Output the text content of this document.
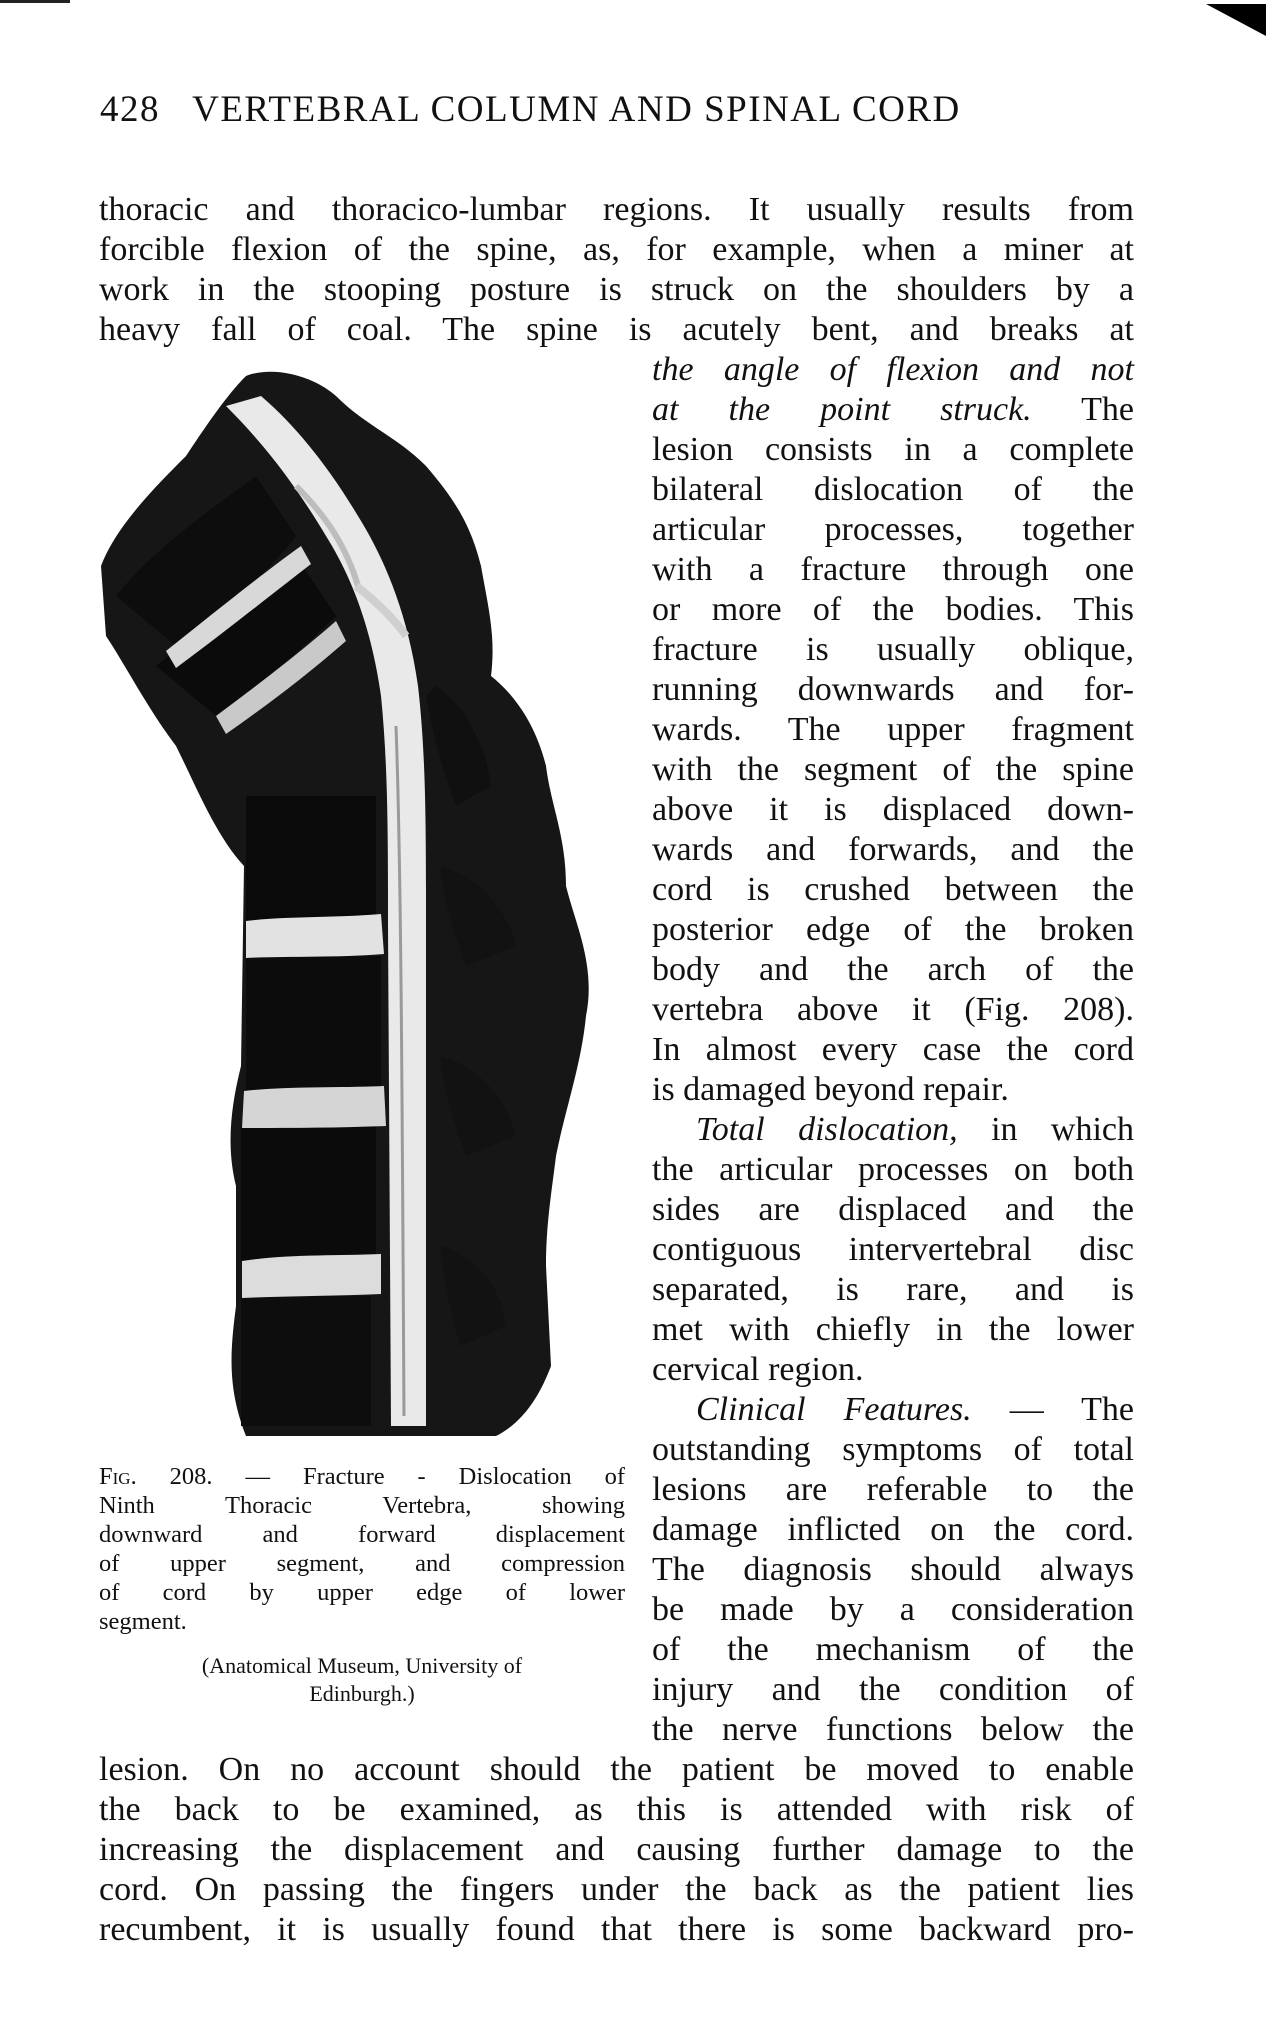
428 VERTEBRAL COLUMN AND SPINAL CORD
thoracic and thoracico-lumbar regions. It usually results from
forcible flexion of the spine, as, for example, when a miner at
work in the stooping posture is struck on the shoulders by a
heavy fall of coal. The spine is acutely bent, and breaks at
the angle of flexion and not
at the point struck. The
lesion consists in a complete
bilateral dislocation of the
articular processes, together
with a fracture through one
or more of the bodies. This
fracture is usually oblique,
running downwards and for-
wards. The upper fragment
with the segment of the spine
above it is displaced down-
wards and forwards, and the
cord is crushed between the
posterior edge of the broken
body and the arch of the
vertebra above it (Fig. 208).
In almost every case the cord
is damaged beyond repair.
Total dislocation, in which
the articular processes on both
sides are displaced and the
contiguous intervertebral disc
separated, is rare, and is
met with chiefly in the lower
cervical region.
Clinical Features. — The
outstanding symptoms of total
lesions are referable to the
damage inflicted on the cord.
The diagnosis should always
be made by a consideration
of the mechanism of the
injury and the condition of
the nerve functions below the
lesion. On no account should the patient be moved to enable
the back to be examined, as this is attended with risk of
increasing the displacement and causing further damage to the
cord. On passing the fingers under the back as the patient lies
recumbent, it is usually found that there is some backward pro-
Fig. 208. — Fracture - Dislocation of
Ninth Thoracic Vertebra, showing
downward and forward displacement
of upper segment, and compression
of cord by upper edge of lower
segment.
(Anatomical Museum, University of
Edinburgh.)
